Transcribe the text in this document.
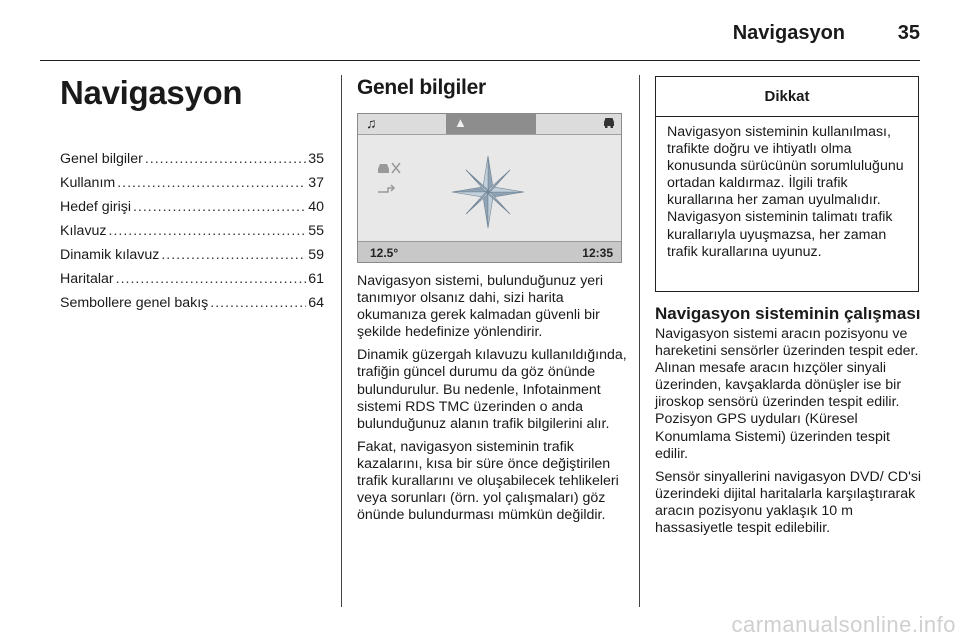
Navigasyon	35
Navigasyon
Genel bilgiler .....	35
Kullanım .....	37
Hedef girişi .....	40
Kılavuz .....	55
Dinamik kılavuz .....	59
Haritalar .....	61
Sembollere genel bakış .....	64
Genel bilgiler
♫	▲
12.5°	12:35

Navigasyon sistemi, bulunduğunuz yeri tanımıyor olsanız dahi, sizi harita okumanıza gerek kalmadan güvenli bir şekilde hedefinize yönlendirir.

Dinamik güzergah kılavuzu kullanıldığında, trafiğin güncel durumu da göz önünde bulundurulur. Bu nedenle, Infotainment sistemi RDS TMC üzerinden o anda bulunduğunuz alanın trafik bilgilerini alır.

Fakat, navigasyon sisteminin trafik kazalarını, kısa bir süre önce değiştirilen trafik kurallarını ve oluşabilecek tehlikeleri veya sorunları (örn. yol çalışmaları) göz önünde bulundurması mümkün değildir.

Dikkat
Navigasyon sisteminin kullanılması, trafikte doğru ve ihtiyatlı olma konusunda sürücünün sorumluluğunu ortadan kaldırmaz. İlgili trafik kurallarına her zaman uyulmalıdır. Navigasyon sisteminin talimatı trafik kurallarıyla uyuşmazsa, her zaman trafik kurallarına uyunuz.
Navigasyon sisteminin çalışması

Navigasyon sistemi aracın pozisyonu ve hareketini sensörler üzerinden tespit eder. Alınan mesafe aracın hızçöler sinyali üzerinden, kavşaklarda dönüşler ise bir jiroskop sensörü üzerinden tespit edilir. Pozisyon GPS uyduları (Küresel Konumlama Sistemi) üzerinden tespit edilir.

Sensör sinyallerini navigasyon DVD/ CD'si üzerindeki dijital haritalarla karşılaştırarak aracın pozisyonu yaklaşık 10 m hassasiyetle tespit edilebilir.

carmanualsonline.info
